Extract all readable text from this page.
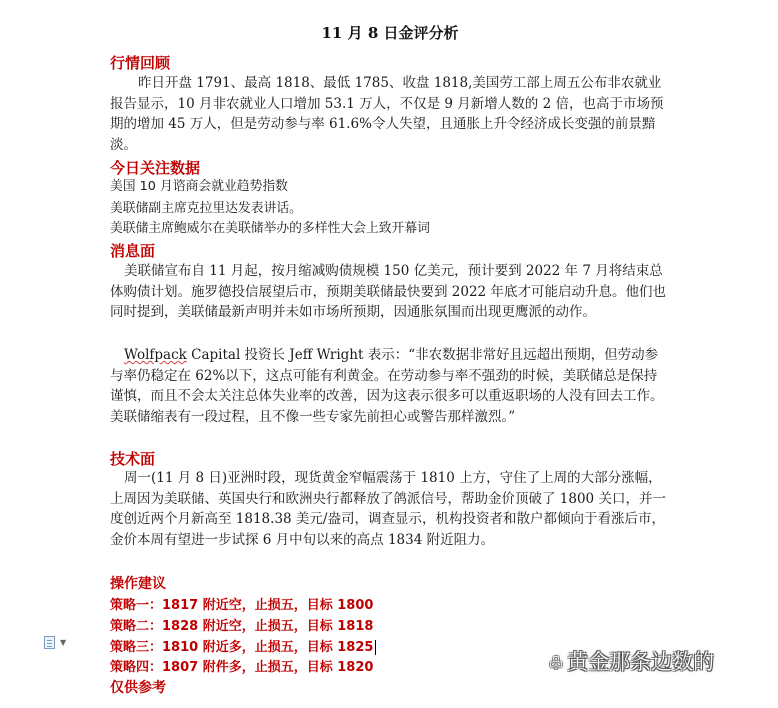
11 月 8 日金评分析
行情回顾

昨日开盘 1791、最高 1818、最低 1785、收盘 1818,美国劳工部上周五公布非农就业报告显示，10 月非农就业人口增加 53.1 万人，不仅是 9 月新增人数的 2 倍，也高于市场预期的增加 45 万人，但是劳动参与率 61.6%令人失望，且通胀上升令经济成长变强的前景黯淡。

今日关注数据
美国 10 月谘商会就业趋势指数
美联储副主席克拉里达发表讲话。
美联储主席鲍威尔在美联储举办的多样性大会上致开幕词
消息面

美联储宣布自 11 月起，按月缩减购债规模 150 亿美元，预计要到 2022 年 7 月将结束总体购债计划。施罗德投信展望后市，预期美联储最快要到 2022 年底才可能启动升息。他们也同时提到，美联储最新声明并未如市场所预期，因通胀氛围而出现更鹰派的动作。

Wolfpack Capital 投资长 Jeff Wright 表示：“非农数据非常好且远超出预期，但劳动参与率仍稳定在 62%以下，这点可能有利黄金。在劳动参与率不强劲的时候，美联储总是保持谨慎，而且不会太关注总体失业率的改善，因为这表示很多可以重返职场的人没有回去工作。美联储缩表有一段过程，且不像一些专家先前担心或警告那样激烈。”

技术面

周一(11 月 8 日)亚洲时段，现货黄金窄幅震荡于 1810 上方，守住了上周的大部分涨幅，上周因为美联储、英国央行和欧洲央行都释放了鸽派信号，帮助金价顶破了 1800 关口，并一度创近两个月新高至 1818.38 美元/盎司，调查显示，机构投资者和散户都倾向于看涨后市，金价本周有望进一步试探 6 月中旬以来的高点 1834 附近阻力。

操作建议
策略一：1817 附近空，止损五，目标 1800
策略二：1828 附近空，止损五，目标 1818
策略三：1810 附近多，止损五，目标 1825
策略四：1807 附件多，止损五，目标 1820
仅供参考
▼
♧ 黄金那条边数的
